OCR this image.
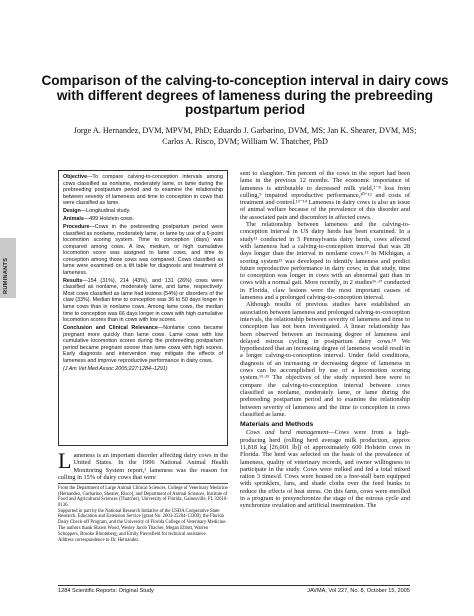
RUMINANTS
Comparison of the calving-to-conception interval in dairy cows with different degrees of lameness during the prebreeding postpartum period
Jorge A. Hernandez, DVM, MPVM, PhD; Eduardo J. Garbarino, DVM, MS; Jan K. Shearer, DVM, MS;
Carlos A. Risco, DVM; William W. Thatcher, PhD

Objective—To compare calving-to-conception intervals among cows classified as nonlame, moderately lame, or lame during the prebreeding postpartum period and to examine the relationship between severity of lameness and time to conception in cows that were classified as lame.

Design—Longitudinal study.

Animals—499 Holstein cows.

Procedure—Cows in the prebreeding postpartum period were classified as nonlame, moderately lame, or lame by use of a 6-point locomotion scoring system. Time to conception (days) was compared among cows. A low, medium, or high cumulative locomotion score was assigned to lame cows, and time to conception among those cows was compared. Cows classified as lame were examined on a tilt table for diagnosis and treatment of lameness.

Results—154 (31%), 214 (43%), and 131 (26%) cows were classified as nonlame, moderately lame, and lame, respectively. Most cows classified as lame had lesions (54%) or disorders of the claw (33%). Median time to conception was 36 to 50 days longer in lame cows than in nonlame cows. Among lame cows, the median time to conception was 66 days longer in cows with high cumulative locomotion scores than in cows with low scores.

Conclusion and Clinical Relevance—Nonlame cows became pregnant more quickly than lame cows. Lame cows with low cumulative locomotion scores during the prebreeding postpartum period became pregnant sooner than lame cows with high scores. Early diagnosis and intervention may mitigate the effects of lameness and improve reproductive performance in dairy cows.

(J Am Vet Med Assoc 2005;227:1284–1291)

Lameness is an important disorder affecting dairy cows in the United States. In the 1996 National Animal Health Monitoring System report,¹ lameness was the reason for culling in 15% of dairy cows that were

From the Department of Large Animal Clinical Sciences, College of Veterinary Medicine (Hernandez, Garbarino, Shearer, Risco), and Department of Animal Sciences, Institute of Food and Agricultural Sciences (Thatcher), University of Florida, Gainesville, FL 32610-0136.

Supported in part by the National Research Initiative of the USDA Cooperative State Research, Education and Extension Service (grant No. 2003-35204-13309), the Florida Dairy Check-off Program, and the University of Florida College of Veterinary Medicine.

The authors thank Shawn Wood, Wesley Jacob Thacher, Megan Elliott, Warren Schoppers, Brooke Bloomberg, and Emily Pierosfield for technical assistance.

Address correspondence to Dr. Hernandez.

sent to slaughter. Ten percent of the cows in the report had been lame in the previous 12 months. The economic importance of lameness is attributable to decreased milk yield,²⁻⁸ loss from culling,⁹ impaired reproductive performance,¹⁰⁻¹² and costs of treatment and control.¹³⁻¹⁴ Lameness in dairy cows is also an issue of animal welfare because of the prevalence of this disorder and the associated pain and discomfort in affected cows.

The relationship between lameness and the calving-to-conception interval in US dairy herds has been examined. In a study¹¹ conducted in 5 Pennsylvania dairy herds, cows affected with lameness had a calving-to-conception interval that was 28 days longer than the interval in nonlame cows.¹² In Michigan, a scoring system¹⁵ was developed to identify lameness and predict future reproductive performance in dairy cows; in that study, time to conception was longer in cows with an abnormal gait than in cows with a normal gait. More recently, in 2 studies¹⁶·¹⁷ conducted in Florida, claw lesions were the most important causes of lameness and a prolonged calving-to-conception interval.

Although results of previous studies have established an association between lameness and prolonged calving-to-conception intervals, the relationship between severity of lameness and time to conception has not been investigated. A linear relationship has been observed between an increasing degree of lameness and delayed estrous cycling in postpartum dairy cows.¹⁸ We hypothesized that an increasing degree of lameness would result in a longer calving-to-conception interval. Under field conditions, diagnosis of an increasing or decreasing degree of lameness in cows can be accomplished by use of a locomotion scoring system.¹⁵·¹⁹ The objectives of the study reported here were to compare the calving-to-conception interval between cows classified as nonlame, moderately lame, or lame during the prebreeding postpartum period and to examine the relationship between severity of lameness and the time to conception in cows classified as lame.

Materials and Methods

Cows and herd management—Cows were from a high-producing herd (rolling herd average milk production, approx 11,818 kg [26,001 lb]) of approximately 600 Holstein cows in Florida. The herd was selected on the basis of the prevalence of lameness, quality of veterinary records, and owner willingness to participate in the study. Cows were milked and fed a total mixed ration 3 times/d. Cows were housed on a free-stall barn equipped with sprinklers, fans, and shade cloths over the feed bunks to reduce the effects of heat stress. On this farm, cows were enrolled in a program to presynchronize the stage of the estrous cycle and synchronize ovulation and artificial insemination. The

1284 Scientific Reports: Original Study	JAVMA, Vol 227, No. 8, October 15, 2005
